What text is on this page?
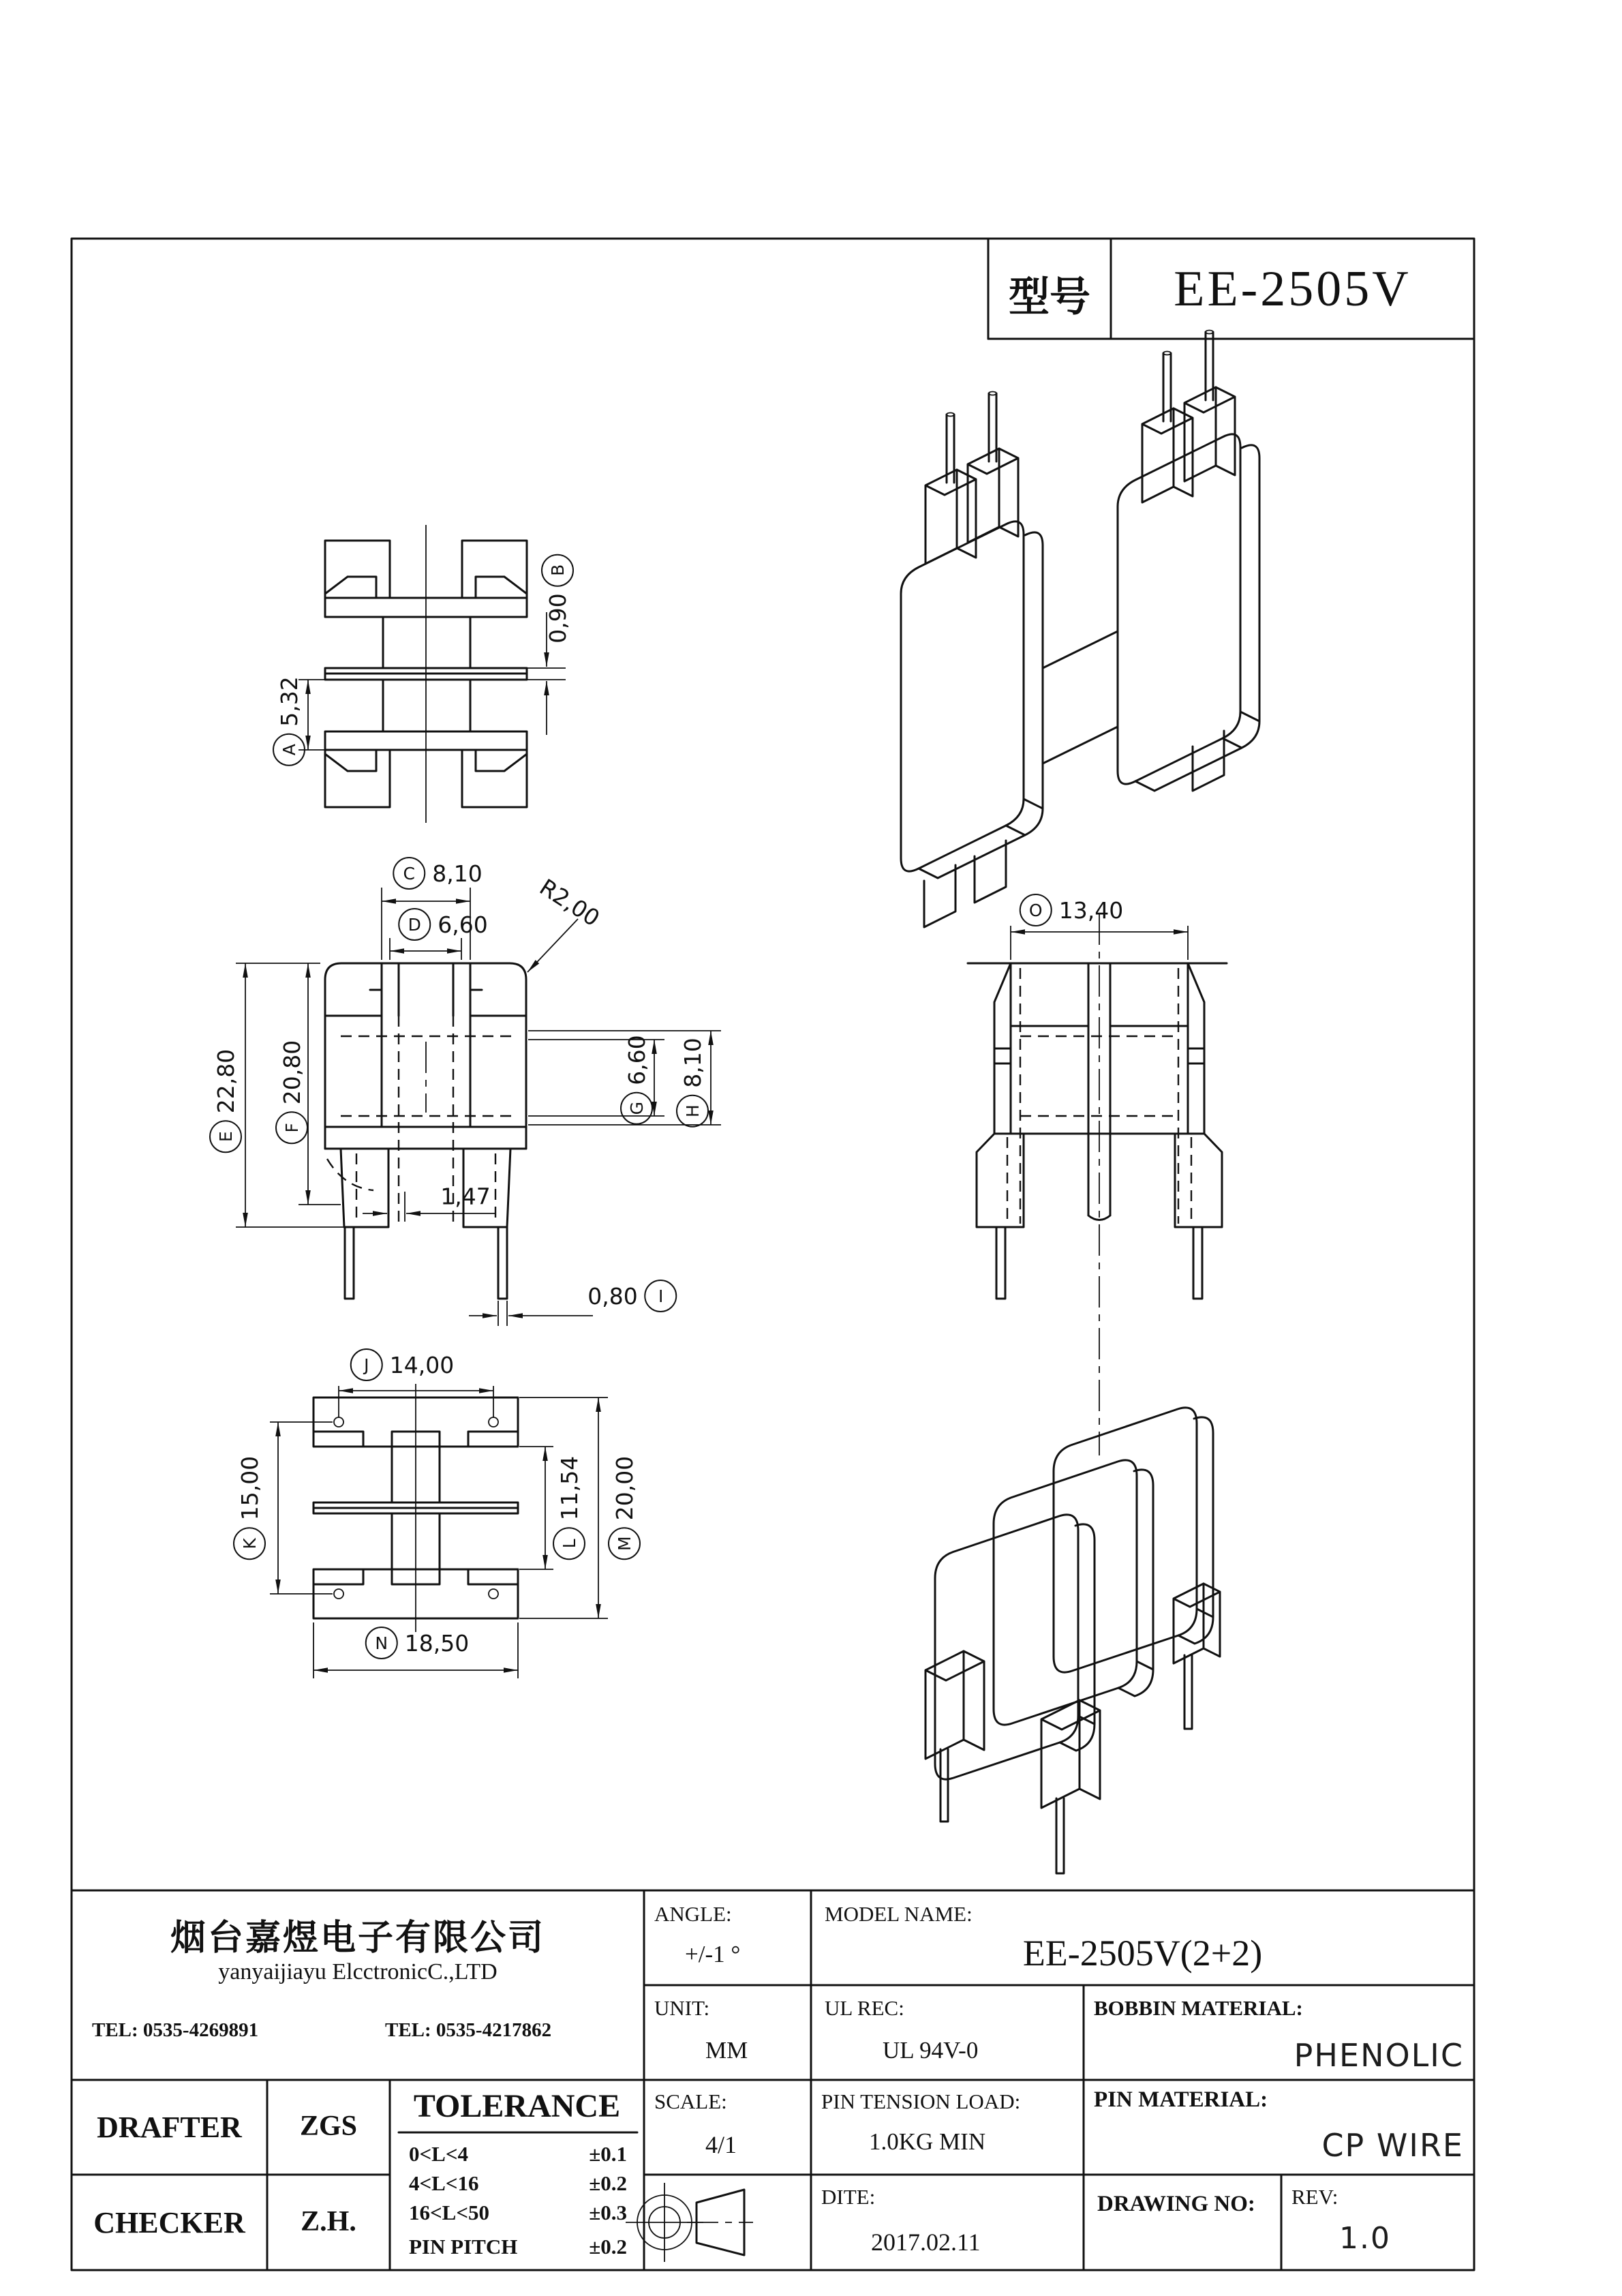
型号	EE-2505V
A
5,32
0,90
B
C 8,10
D 6,60 R2,00
E
22,80
F
20,80
G
6,60
H
8,10
1,47
0,80	I
O 13,40
J 14,00
K
15,00
L
11,54
M
20,00
N 18,50
烟台嘉煜电子有限公司
yanyaijiayu ElcctronicC.,LTD
TEL: 0535-4269891	TEL: 0535-4217862
ANGLE:
+/-1 °
MODEL NAME:
EE-2505V(2+2)
UNIT:
MM
UL REC:
UL 94V-0
BOBBIN MATERIAL:
PHENOLIC
DRAFTER	ZGS
CHECKER	Z.H.
TOLERANCE
0<L<4	±0.1
4<L<16	±0.2
16<L<50	±0.3
PIN PITCH	±0.2
SCALE:
4/1
PIN TENSION LOAD:
1.0KG MIN
PIN MATERIAL:
CP WIRE
DITE:
2017.02.11
DRAWING NO: REV:
1.0
